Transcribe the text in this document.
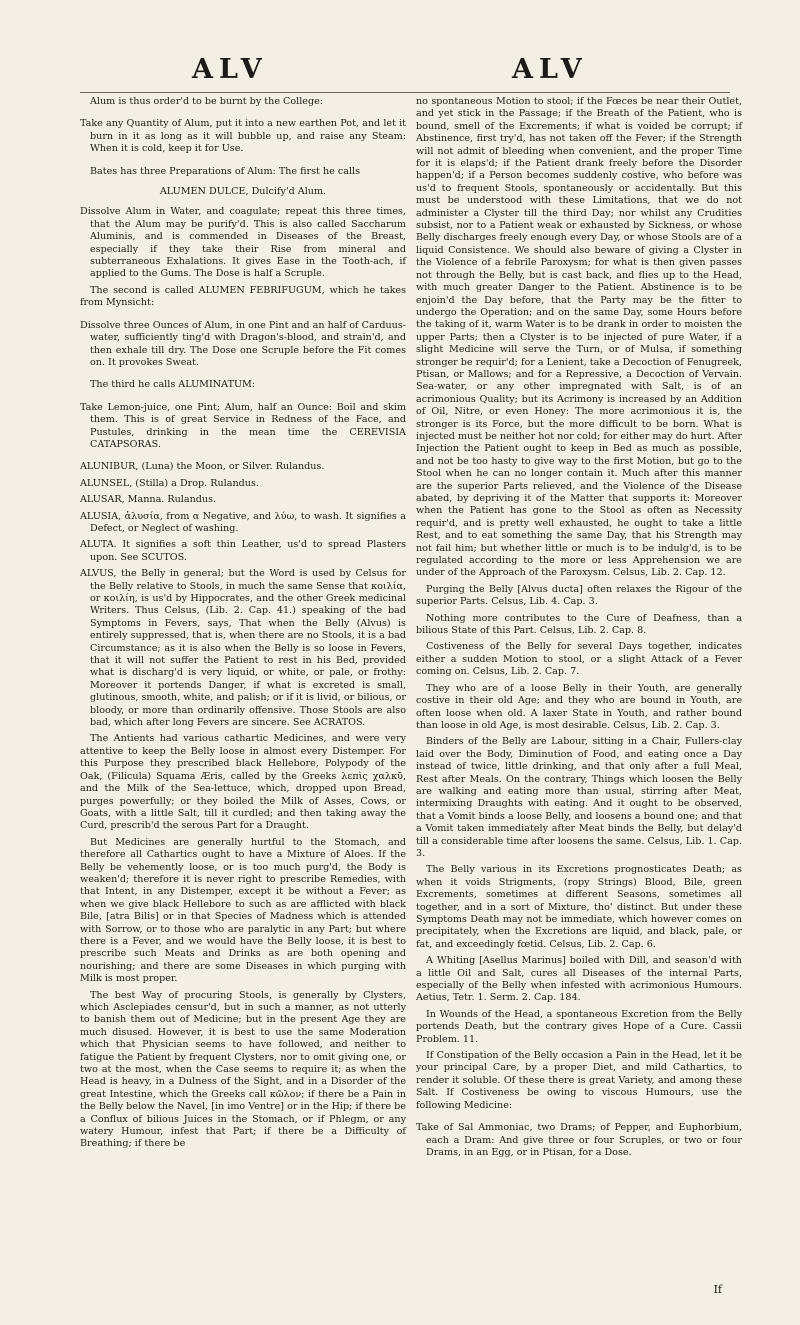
ALV	ALV

Alum is thus order'd to be burnt by the College:

Take any Quantity of Alum, put it into a new earthen Pot, and let it burn in it as long as it will bubble up, and raise any Steam: When it is cold, keep it for Use.

Bates has three Preparations of Alum: The first he calls

ALUMEN DULCE, Dulcify'd Alum.

Dissolve Alum in Water, and coagulate; repeat this three times, that the Alum may be purify'd. This is also called Saccharum Aluminis, and is commended in Diseases of the Breast, especially if they take their Rise from mineral and subterraneous Exhalations. It gives Ease in the Tooth-ach, if applied to the Gums. The Dose is half a Scruple.

The second is called ALUMEN FEBRIFUGUM, which he takes from Mynsicht:

Dissolve three Ounces of Alum, in one Pint and an half of Carduus-water, sufficiently ting'd with Dragon's-blood, and strain'd, and then exhale till dry. The Dose one Scruple before the Fit comes on. It provokes Sweat.

The third he calls ALUMINATUM:

Take Lemon-juice, one Pint; Alum, half an Ounce: Boil and skim them. This is of great Service in Redness of the Face, and Pustules, drinking in the mean time the CEREVISIA CATAPSORAS.

ALUNIBUR, (Luna) the Moon, or Silver. Rulandus.

ALUNSEL, (Stilla) a Drop. Rulandus.

ALUSAR, Manna. Rulandus.

ALUSIA, ἀλυσία, from α Negative, and λύω, to wash. It signifies a Defect, or Neglect of washing.

ALUTA. It signifies a soft thin Leather, us'd to spread Plasters upon. See SCUTOS.

ALVUS, the Belly in general; but the Word is used by Celsus for the Belly relative to Stools, in much the same Sense that κοιλία, or κοιλίη, is us'd by Hippocrates, and the other Greek medicinal Writers. Thus Celsus, (Lib. 2. Cap. 41.) speaking of the bad Symptoms in Fevers, says, That when the Belly (Alvus) is entirely suppressed, that is, when there are no Stools, it is a bad Circumstance; as it is also when the Belly is so loose in Fevers, that it will not suffer the Patient to rest in his Bed, provided what is discharg'd is very liquid, or white, or pale, or frothy: Moreover it portends Danger, if what is excreted is small, glutinous, smooth, white, and palish; or if it is livid, or bilious, or bloody, or more than ordinarily offensive. Those Stools are also bad, which after long Fevers are sincere. See ACRATOS.

The Antients had various cathartic Medicines, and were very attentive to keep the Belly loose in almost every Distemper. For this Purpose they prescribed black Hellebore, Polypody of the Oak, (Filicula) Squama Æris, called by the Greeks λεπὶς χαλκῦ, and the Milk of the Sea-lettuce, which, dropped upon Bread, purges powerfully; or they boiled the Milk of Asses, Cows, or Goats, with a little Salt, till it curdled; and then taking away the Curd, prescrib'd the serous Part for a Draught.

But Medicines are generally hurtful to the Stomach, and therefore all Cathartics ought to have a Mixture of Aloes. If the Belly be vehemently loose, or is too much purg'd, the Body is weaken'd; therefore it is never right to prescribe Remedies, with that Intent, in any Distemper, except it be without a Fever; as when we give black Hellebore to such as are afflicted with black Bile, [atra Bilis] or in that Species of Madness which is attended with Sorrow, or to those who are paralytic in any Part; but where there is a Fever, and we would have the Belly loose, it is best to prescribe such Meats and Drinks as are both opening and nourishing; and there are some Diseases in which purging with Milk is most proper.

The best Way of procuring Stools, is generally by Clysters, which Asclepiades censur'd, but in such a manner, as not utterly to banish them out of Medicine; but in the present Age they are much disused. However, it is best to use the same Moderation which that Physician seems to have followed, and neither to fatigue the Patient by frequent Clysters, nor to omit giving one, or two at the most, when the Case seems to require it; as when the Head is heavy, in a Dulness of the Sight, and in a Disorder of the great Intestine, which the Greeks call κῶλον; if there be a Pain in the Belly below the Navel, [in imo Ventre] or in the Hip; if there be a Conflux of bilious Juices in the Stomach, or if Phlegm, or any watery Humour, infest that Part; if there be a Difficulty of Breathing; if there be

no spontaneous Motion to stool; if the Fœces be near their Outlet, and yet stick in the Passage; if the Breath of the Patient, who is bound, smell of the Excrements; if what is voided be corrupt; if Abstinence, first try'd, has not taken off the Fever; if the Strength will not admit of bleeding when convenient, and the proper Time for it is elaps'd; if the Patient drank freely before the Disorder happen'd; if a Person becomes suddenly costive, who before was us'd to frequent Stools, spontaneously or accidentally. But this must be understood with these Limitations, that we do not administer a Clyster till the third Day; nor whilst any Crudities subsist, nor to a Patient weak or exhausted by Sickness, or whose Belly discharges freely enough every Day, or whose Stools are of a liquid Consistence. We should also beware of giving a Clyster in the Violence of a febrile Paroxysm; for what is then given passes not through the Belly, but is cast back, and flies up to the Head, with much greater Danger to the Patient. Abstinence is to be enjoin'd the Day before, that the Party may be the fitter to undergo the Operation; and on the same Day, some Hours before the taking of it, warm Water is to be drank in order to moisten the upper Parts; then a Clyster is to be injected of pure Water, if a slight Medicine will serve the Turn, or of Mulsa, if something stronger be requir'd; for a Lenient, take a Decoction of Fenugreek, Ptisan, or Mallows; and for a Repressive, a Decoction of Vervain. Sea-water, or any other impregnated with Salt, is of an acrimonious Quality; but its Acrimony is increased by an Addition of Oil, Nitre, or even Honey: The more acrimonious it is, the stronger is its Force, but the more difficult to be born. What is injected must be neither hot nor cold; for either may do hurt. After Injection the Patient ought to keep in Bed as much as possible, and not be too hasty to give way to the first Motion, but go to the Stool when he can no longer contain it. Much after this manner are the superior Parts relieved, and the Violence of the Disease abated, by depriving it of the Matter that supports it: Moreover when the Patient has gone to the Stool as often as Necessity requir'd, and is pretty well exhausted, he ought to take a little Rest, and to eat something the same Day, that his Strength may not fail him; but whether little or much is to be indulg'd, is to be regulated according to the more or less Apprehension we are under of the Approach of the Paroxysm. Celsus, Lib. 2. Cap. 12.

Purging the Belly [Alvus ducta] often relaxes the Rigour of the superior Parts. Celsus, Lib. 4. Cap. 3.

Nothing more contributes to the Cure of Deafness, than a bilious State of this Part. Celsus, Lib. 2. Cap. 8.

Costiveness of the Belly for several Days together, indicates either a sudden Motion to stool, or a slight Attack of a Fever coming on. Celsus, Lib. 2. Cap. 7.

They who are of a loose Belly in their Youth, are generally costive in their old Age; and they who are bound in Youth, are often loose when old. A laxer State in Youth, and rather bound than loose in old Age, is most desirable. Celsus, Lib. 2. Cap. 3.

Binders of the Belly are Labour, sitting in a Chair, Fullers-clay laid over the Body, Diminution of Food, and eating once a Day instead of twice, little drinking, and that only after a full Meal, Rest after Meals. On the contrary, Things which loosen the Belly are walking and eating more than usual, stirring after Meat, intermixing Draughts with eating. And it ought to be observed, that a Vomit binds a loose Belly, and loosens a bound one; and that a Vomit taken immediately after Meat binds the Belly, but delay'd till a considerable time after loosens the same. Celsus, Lib. 1. Cap. 3.

The Belly various in its Excretions prognosticates Death; as when it voids Strigments, (ropy Strings) Blood, Bile, green Excrements, sometimes at different Seasons, sometimes all together, and in a sort of Mixture, tho' distinct. But under these Symptoms Death may not be immediate, which however comes on precipitately, when the Excretions are liquid, and black, pale, or fat, and exceedingly fœtid. Celsus, Lib. 2. Cap. 6.

A Whiting [Asellus Marinus] boiled with Dill, and season'd with a little Oil and Salt, cures all Diseases of the internal Parts, especially of the Belly when infested with acrimonious Humours. Aetius, Tetr. 1. Serm. 2. Cap. 184.

In Wounds of the Head, a spontaneous Excretion from the Belly portends Death, but the contrary gives Hope of a Cure. Cassii Problem. 11.

If Constipation of the Belly occasion a Pain in the Head, let it be your principal Care, by a proper Diet, and mild Cathartics, to render it soluble. Of these there is great Variety, and among these Salt. If Costiveness be owing to viscous Humours, use the following Medicine:

Take of Sal Ammoniac, two Drams; of Pepper, and Euphorbium, each a Dram: And give three or four Scruples, or two or four Drams, in an Egg, or in Ptisan, for a Dose.

If
